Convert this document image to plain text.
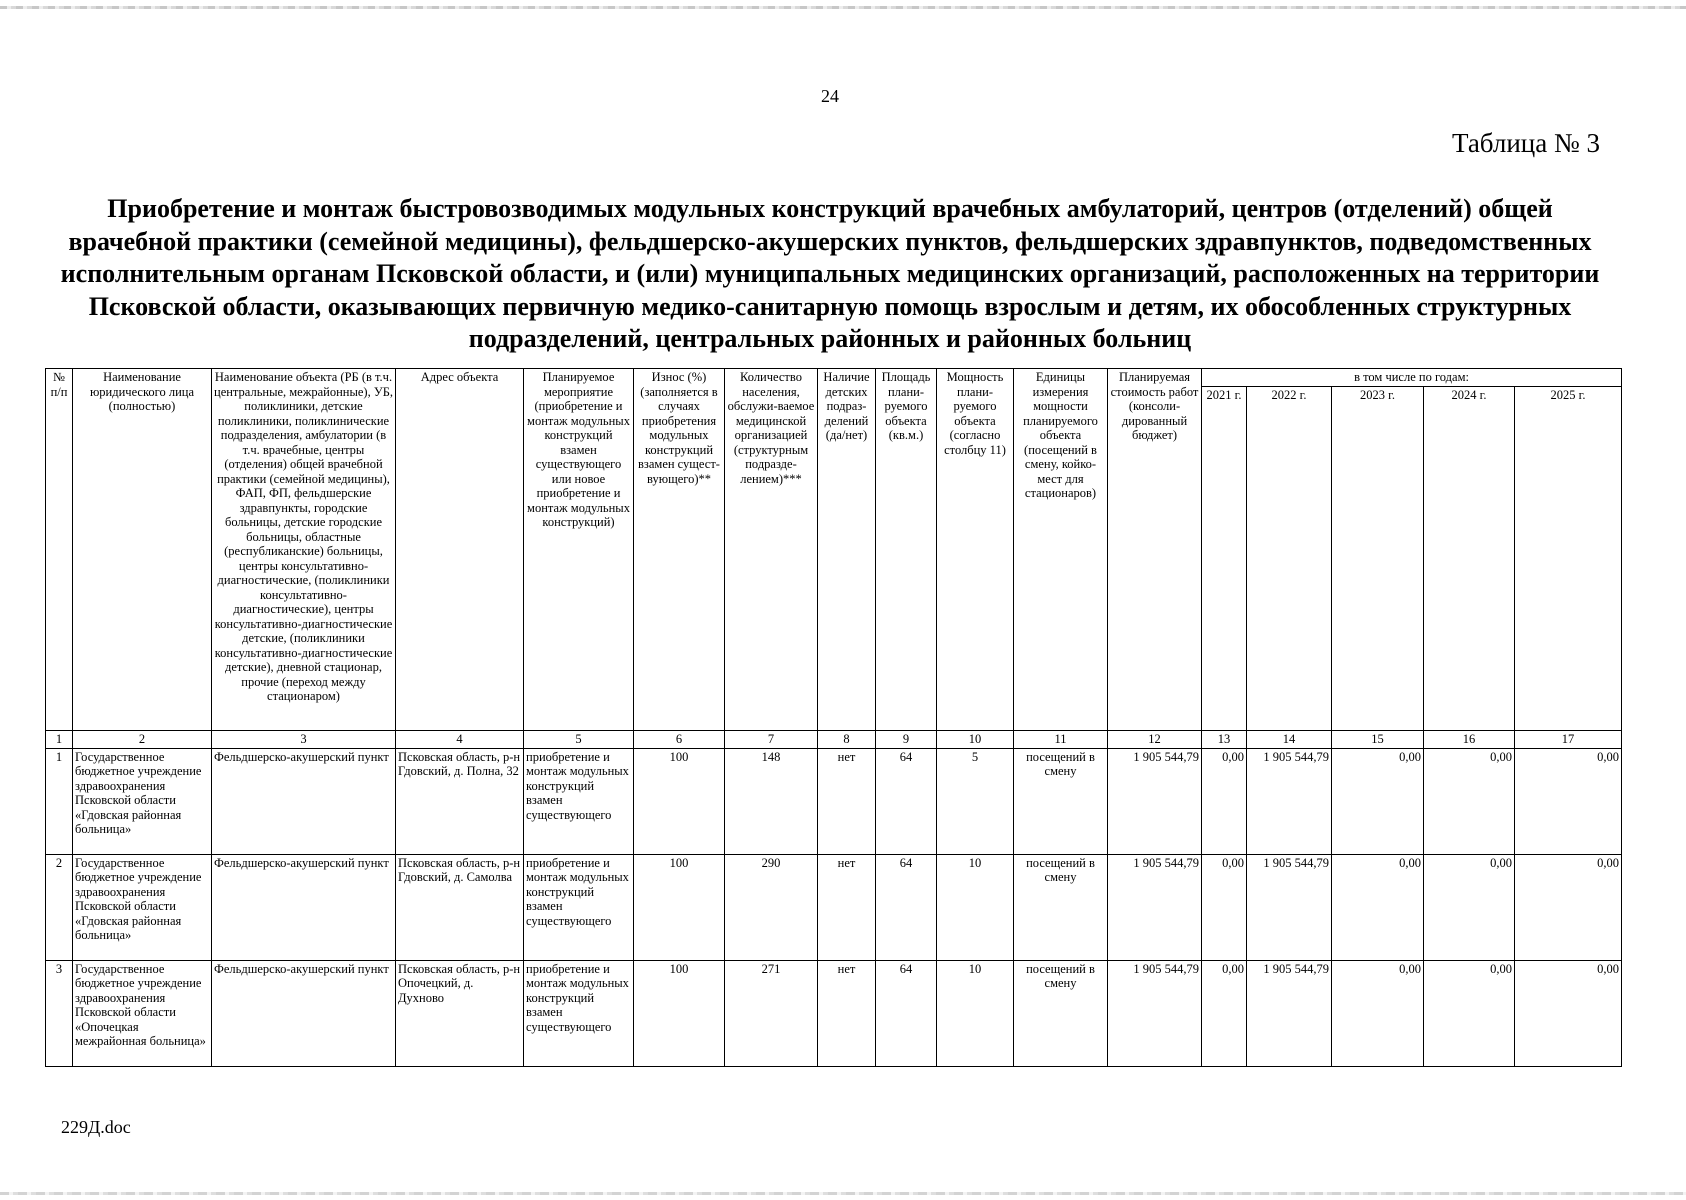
24
Таблица № 3
Приобретение и монтаж быстровозводимых модульных конструкций врачебных амбулаторий, центров (отделений) общей врачебной практики (семейной медицины), фельдшерско-акушерских пунктов, фельдшерских здравпунктов, подведомственных исполнительным органам Псковской области, и (или) муниципальных медицинских организаций, расположенных на территории Псковской области, оказывающих первичную медико-санитарную помощь взрослым и детям, их обособленных структурных подразделений, центральных районных и районных больниц
№ п/п	Наименование юридического лица (полностью)	Наименование объекта (РБ (в т.ч. центральные, межрайонные), УБ, поликлиники, детские поликлиники, поликлинические подразделения, амбулатории (в т.ч. врачебные, центры (отделения) общей врачебной практики (семейной медицины), ФАП, ФП, фельдшерские здравпункты, городские больницы, детские городские больницы, областные (республиканские) больницы, центры консультативно-диагностические, (поликлиники консультативно-диагностические), центры консультативно-диагностические детские, (поликлиники консультативно-диагностические детские), дневной стационар, прочие (переход между стационаром)	Адрес объекта	Планируемое мероприятие (приобретение и монтаж модульных конструкций взамен существующего или новое приобретение и монтаж модульных конструкций)	Износ (%) (заполняется в случаях приобретения модульных конструкций взамен сущест-вующего)**	Количество населения, обслужи-ваемое медицинской организацией (структурным подразде-лением)***	Наличие детских подраз-делений (да/нет)	Площадь плани-руемого объекта (кв.м.)	Мощность плани-руемого объекта (согласно столбцу 11)	Единицы измерения мощности планируемого объекта (посещений в смену, койко-мест для стационаров)	Планируемая стоимость работ (консоли-дированный бюджет)	в том числе по годам:				
												2021 г.	2022 г.	2023 г.	2024 г.	2025 г.
1	2	3	4	5	6	7	8	9	10	11	12	13	14	15	16	17
1	Государственное бюджетное учреждение здравоохранения Псковской области «Гдовская районная больница»	Фельдшерско-акушерский пункт	Псковская область, р-н Гдовский, д. Полна, 32	приобретение и монтаж модульных конструкций взамен существующего	100	148	нет	64	5	посещений в смену	1 905 544,79	0,00	1 905 544,79	0,00	0,00	0,00
2	Государственное бюджетное учреждение здравоохранения Псковской области «Гдовская районная больница»	Фельдшерско-акушерский пункт	Псковская область, р-н Гдовский, д. Самолва	приобретение и монтаж модульных конструкций взамен существующего	100	290	нет	64	10	посещений в смену	1 905 544,79	0,00	1 905 544,79	0,00	0,00	0,00
3	Государственное бюджетное учреждение здравоохранения Псковской области «Опочецкая межрайонная больница»	Фельдшерско-акушерский пункт	Псковская область, р-н Опочецкий, д. Духново	приобретение и монтаж модульных конструкций взамен существующего	100	271	нет	64	10	посещений в смену	1 905 544,79	0,00	1 905 544,79	0,00	0,00	0,00
229Д.doc
